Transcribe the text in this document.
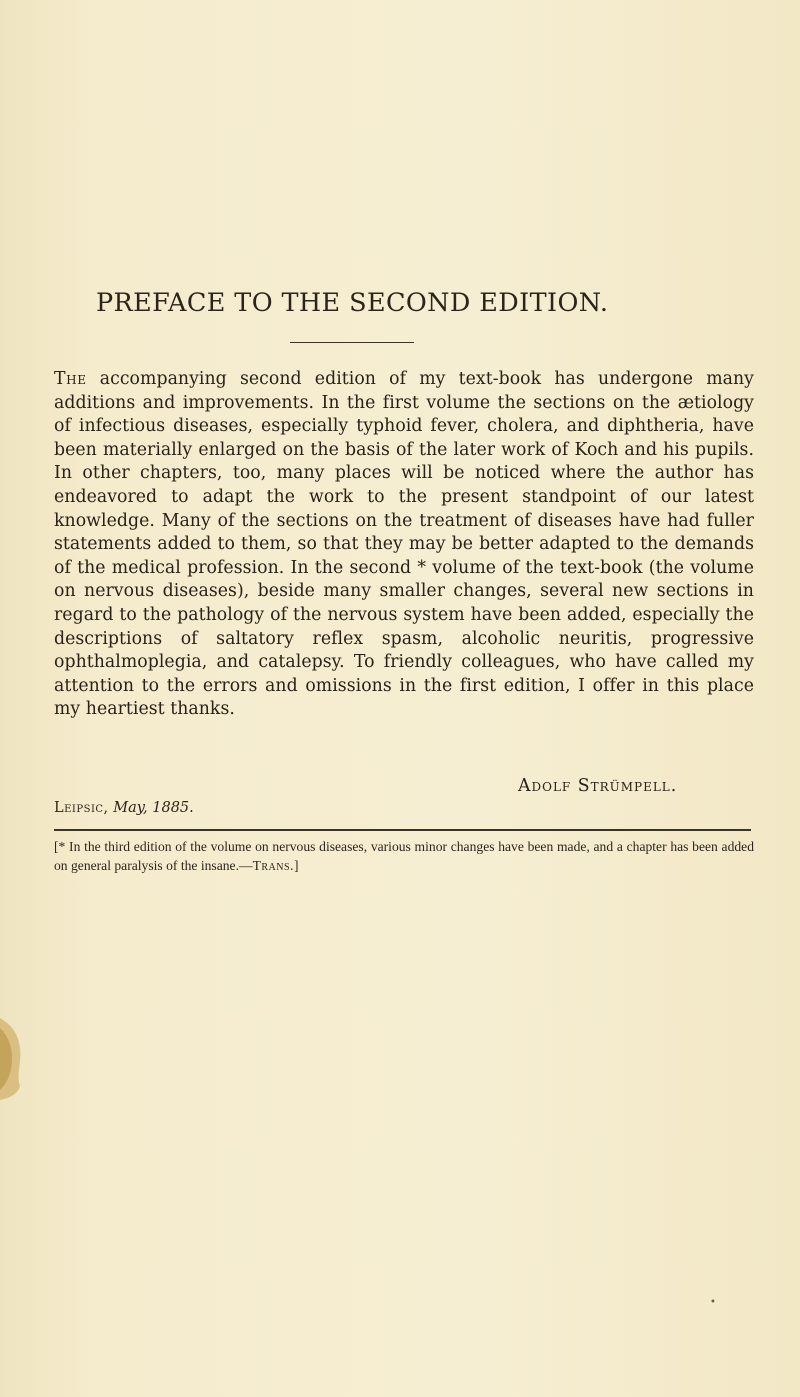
PREFACE TO THE SECOND EDITION.

The accompanying second edition of my text-book has undergone many additions and improvements. In the first volume the sections on the ætiology of infectious diseases, especially typhoid fever, cholera, and diphtheria, have been materially enlarged on the basis of the later work of Koch and his pupils. In other chapters, too, many places will be noticed where the author has endeavored to adapt the work to the present standpoint of our latest knowledge. Many of the sections on the treatment of diseases have had fuller statements added to them, so that they may be better adapted to the demands of the medical profession. In the second * volume of the text-book (the volume on nervous diseases), beside many smaller changes, several new sections in regard to the pathology of the nervous system have been added, especially the descriptions of saltatory reflex spasm, alcoholic neuritis, progressive ophthalmoplegia, and catalepsy. To friendly colleagues, who have called my attention to the errors and omissions in the first edition, I offer in this place my heartiest thanks.

Adolf Strümpell.
Leipsic, May, 1885.
[* In the third edition of the volume on nervous diseases, various minor changes have been made, and a chapter has been added on general paralysis of the insane.—Trans.]
•
